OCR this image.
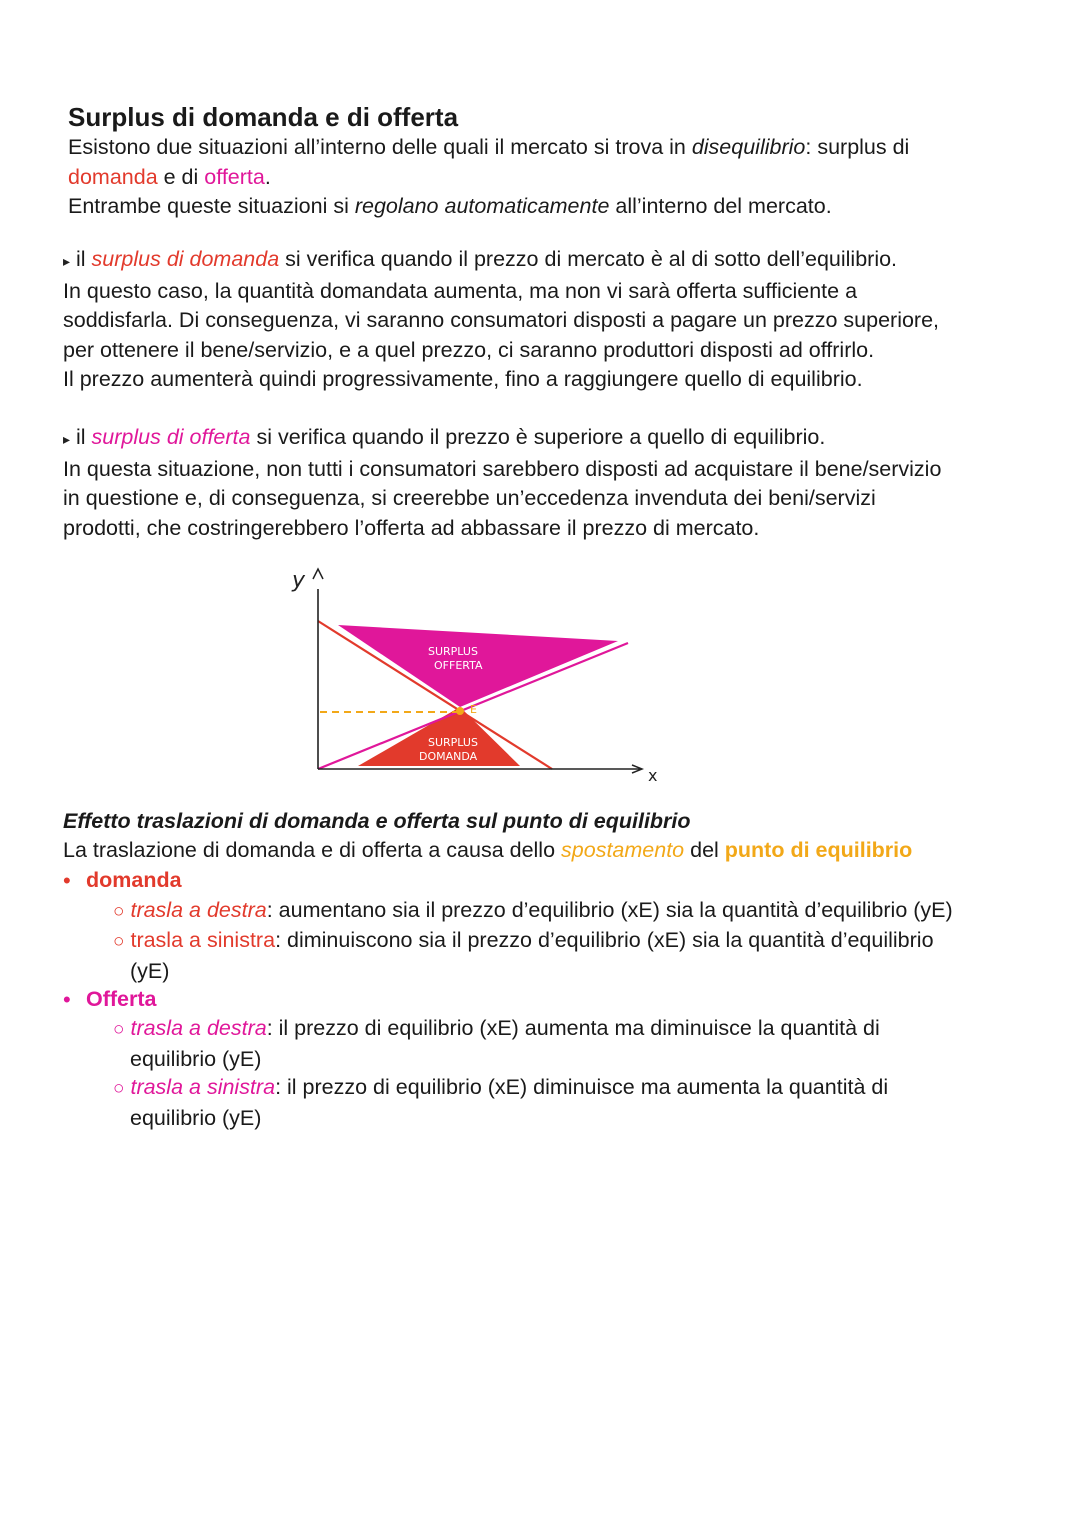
Surplus di domanda e di offerta
Esistono due situazioni all’interno delle quali il mercato si trova in disequilibrio: surplus di
domanda e di offerta.
Entrambe queste situazioni si regolano automaticamente all’interno del mercato.
▸ il surplus di domanda si verifica quando il prezzo di mercato è al di sotto dell’equilibrio.
In questo caso, la quantità domandata aumenta, ma non vi sarà offerta sufficiente a
soddisfarla. Di conseguenza, vi saranno consumatori disposti a pagare un prezzo superiore,
per ottenere il bene/servizio, e a quel prezzo, ci saranno produttori disposti ad offrirlo.
Il prezzo aumenterà quindi progressivamente, fino a raggiungere quello di equilibrio.
▸ il surplus di offerta si verifica quando il prezzo è superiore a quello di equilibrio.
In questa situazione, non tutti i consumatori sarebbero disposti ad acquistare il bene/servizio
in questione e, di conseguenza, si creerebbe un’eccedenza invenduta dei beni/servizi
prodotti, che costringerebbero l’offerta ad abbassare il prezzo di mercato.
E
y
x
SURPLUS
OFFERTA
SURPLUS
DOMANDA
Effetto traslazioni di domanda e offerta sul punto di equilibrio
La traslazione di domanda e di offerta a causa dello spostamento del punto di equilibrio
• domanda
○ trasla a destra: aumentano sia il prezzo d’equilibrio (xE) sia la quantità d’equilibrio (yE)
○ trasla a sinistra: diminuiscono sia il prezzo d’equilibrio (xE) sia la quantità d’equilibrio
(yE)
• Offerta
○ trasla a destra: il prezzo di equilibrio (xE) aumenta ma diminuisce la quantità di
equilibrio (yE)
○ trasla a sinistra: il prezzo di equilibrio (xE) diminuisce ma aumenta la quantità di
equilibrio (yE)
